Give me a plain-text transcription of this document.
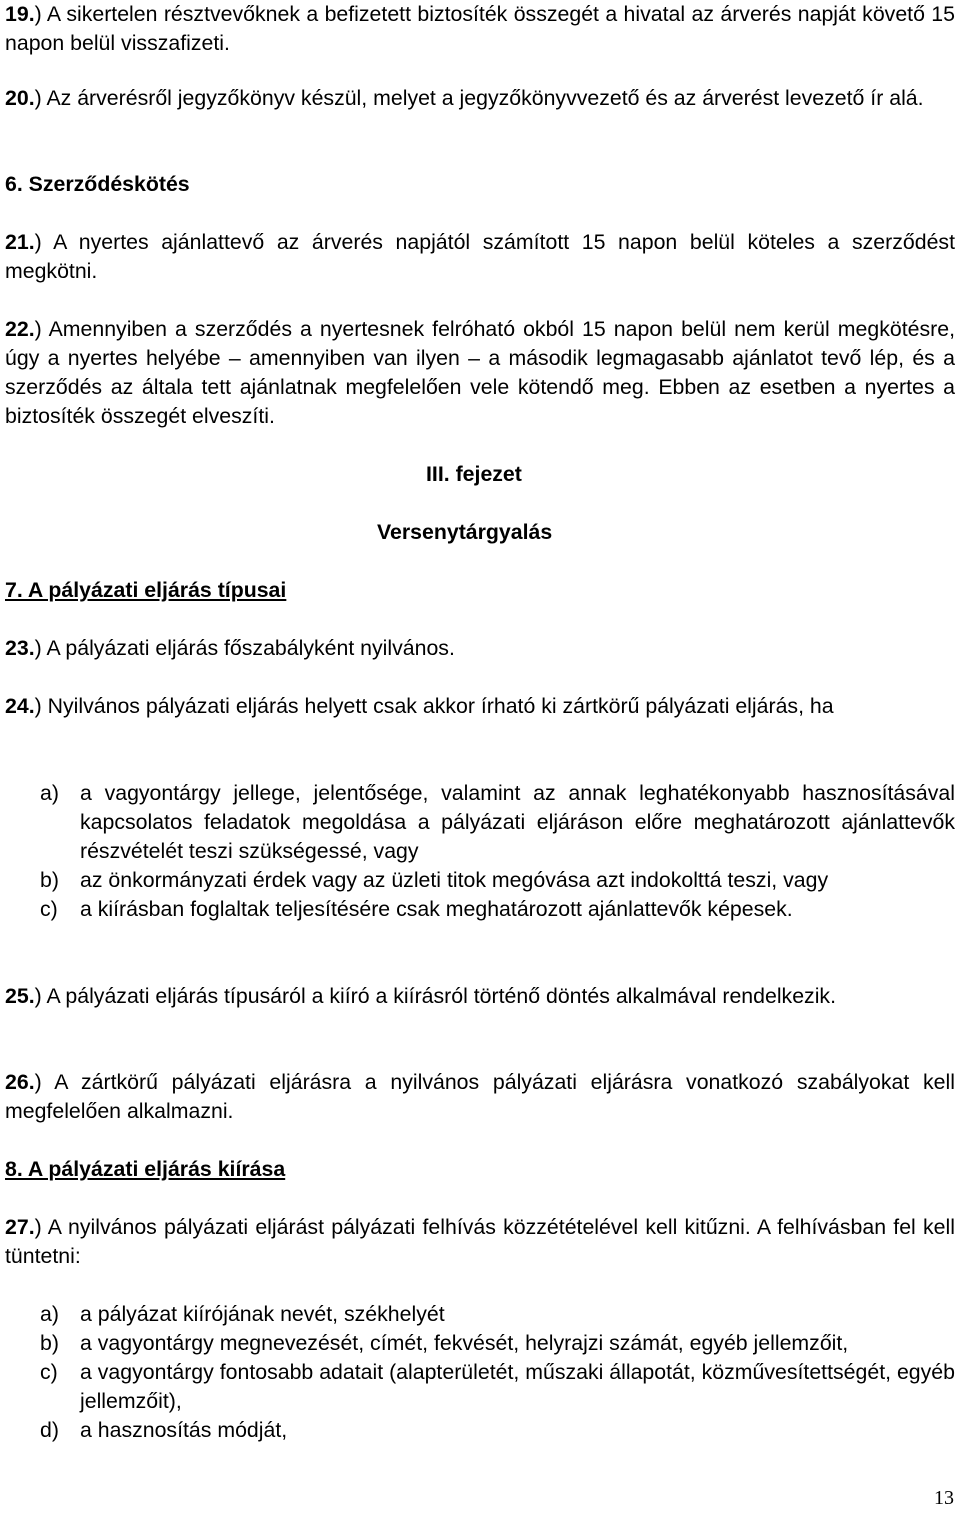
19.) A sikertelen résztvevőknek a befizetett biztosíték összegét a hivatal az árverés napját követő 15 napon belül visszafizeti.

20.) Az árverésről jegyzőkönyv készül, melyet a jegyzőkönyvvezető és az árverést levezető ír alá.

6. Szerződéskötés

21.) A nyertes ajánlattevő az árverés napjától számított 15 napon belül köteles a szerződést megkötni.

22.) Amennyiben a szerződés a nyertesnek felróható okból 15 napon belül nem kerül megkötésre, úgy a nyertes helyébe – amennyiben van ilyen – a második legmagasabb ajánlatot tevő lép, és a szerződés az általa tett ajánlatnak megfelelően vele kötendő meg. Ebben az esetben a nyertes a biztosíték összegét elveszíti.

III. fejezet
Versenytárgyalás

7. A pályázati eljárás típusai

23.) A pályázati eljárás főszabályként nyilvános.

24.) Nyilvános pályázati eljárás helyett csak akkor írható ki zártkörű pályázati eljárás, ha

a) a vagyontárgy jellege, jelentősége, valamint az annak leghatékonyabb hasznosításával kapcsolatos feladatok megoldása a pályázati eljáráson előre meghatározott ajánlattevők részvételét teszi szükségessé, vagy
b) az önkormányzati érdek vagy az üzleti titok megóvása azt indokolttá teszi, vagy
c) a kiírásban foglaltak teljesítésére csak meghatározott ajánlattevők képesek.

25.) A pályázati eljárás típusáról a kiíró a kiírásról történő döntés alkalmával rendelkezik.

26.) A zártkörű pályázati eljárásra a nyilvános pályázati eljárásra vonatkozó szabályokat kell megfelelően alkalmazni.

8. A pályázati eljárás kiírása

27.) A nyilvános pályázati eljárást pályázati felhívás közzétételével kell kitűzni. A felhívásban fel kell tüntetni:

a) a pályázat kiírójának nevét, székhelyét
b) a vagyontárgy megnevezését, címét, fekvését, helyrajzi számát, egyéb jellemzőit,
c) a vagyontárgy fontosabb adatait (alapterületét, műszaki állapotát, közművesítettségét, egyéb jellemzőit),
d) a hasznosítás módját,
13
